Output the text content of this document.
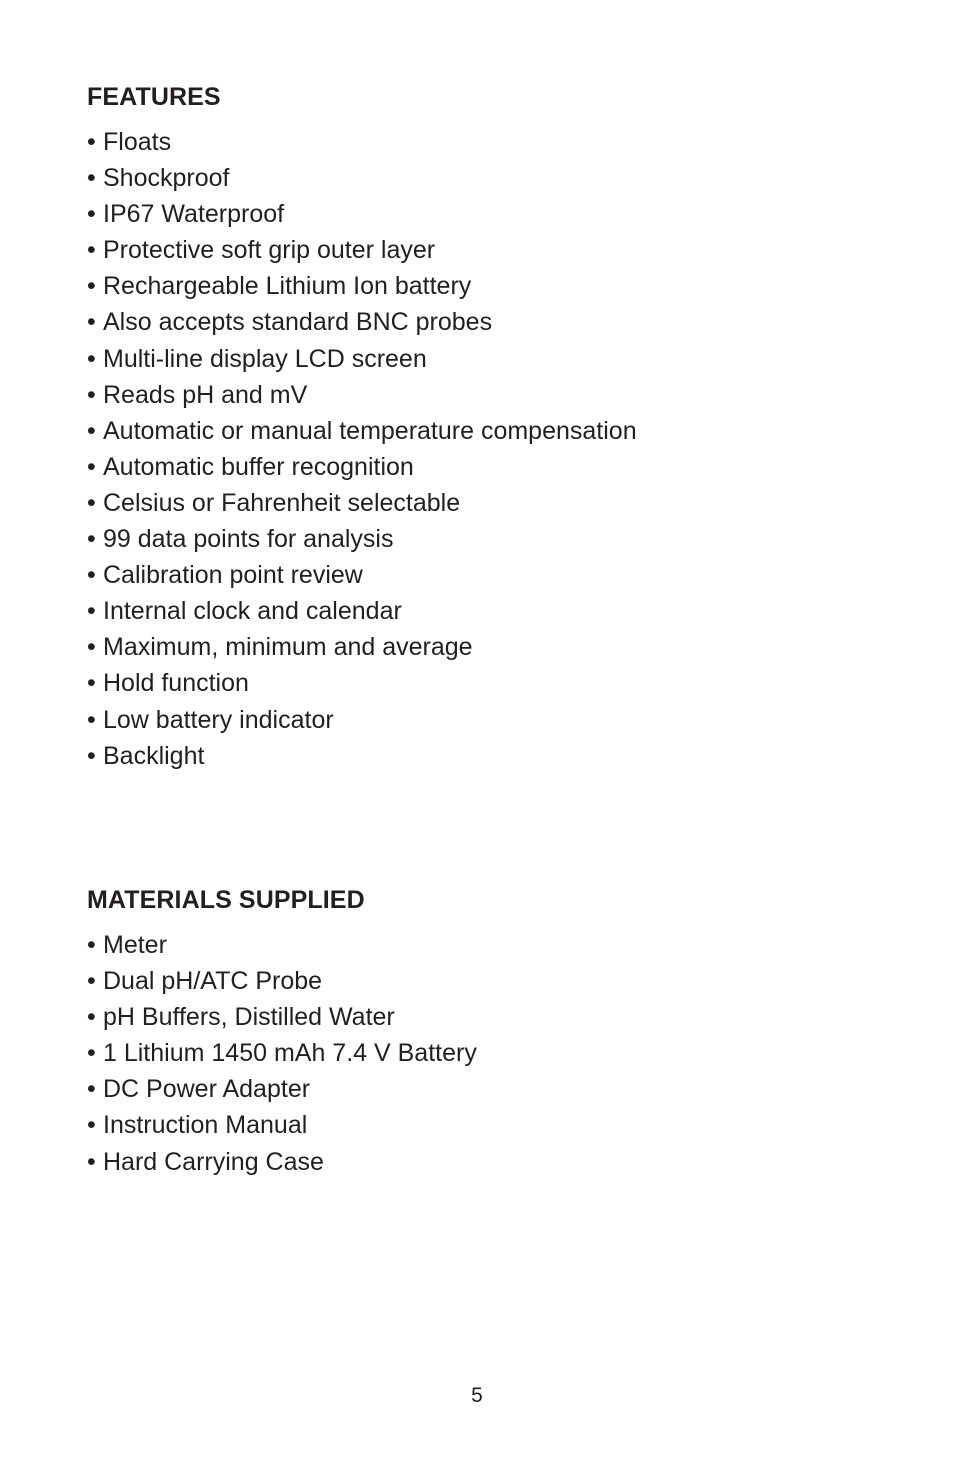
FEATURES
• Floats
• Shockproof
• IP67 Waterproof
• Protective soft grip outer layer
• Rechargeable Lithium Ion battery
• Also accepts standard BNC probes
• Multi-line display LCD screen
• Reads pH and mV
• Automatic or manual temperature compensation
• Automatic buffer recognition
• Celsius or Fahrenheit selectable
• 99 data points for analysis
• Calibration point review
• Internal clock and calendar
• Maximum, minimum and average
• Hold function
• Low battery indicator
• Backlight
MATERIALS SUPPLIED
• Meter
• Dual pH/ATC Probe
• pH Buffers, Distilled Water
• 1 Lithium 1450 mAh 7.4 V Battery
• DC Power Adapter
• Instruction Manual
• Hard Carrying Case
5
